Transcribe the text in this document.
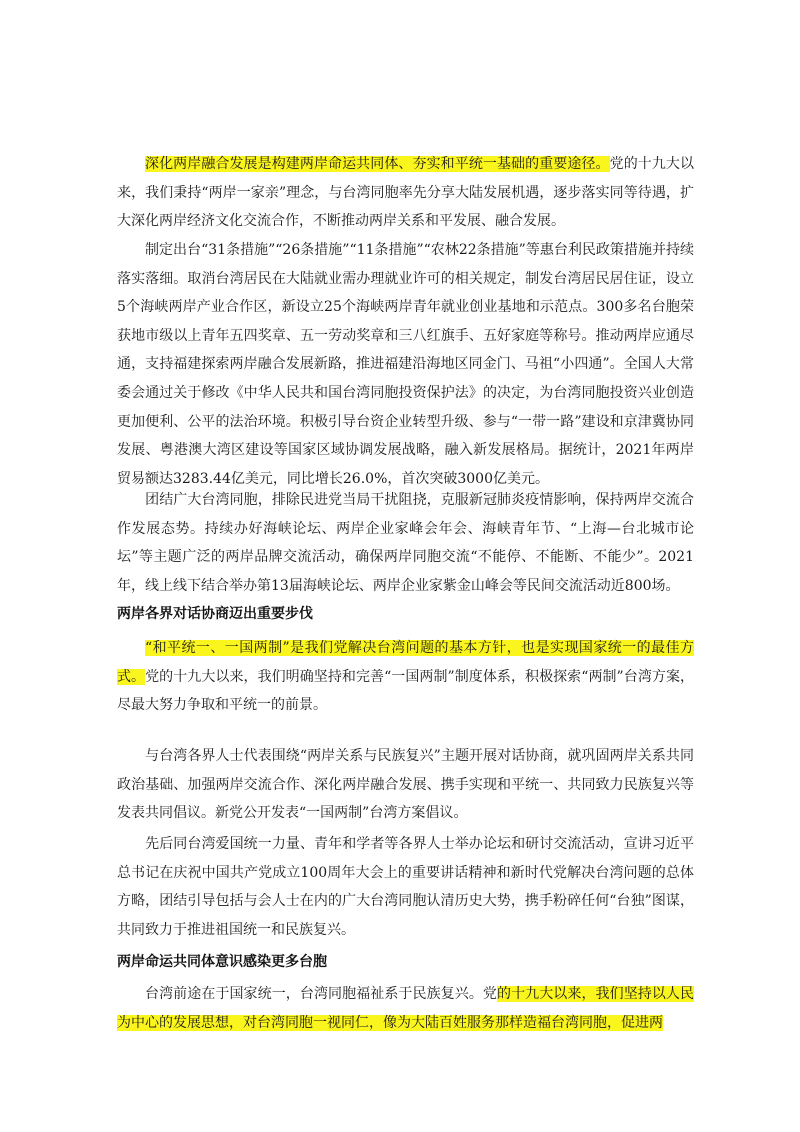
深化两岸融合发展是构建两岸命运共同体、夯实和平统一基础的重要途径。党的十九大以来，我们秉持“两岸一家亲”理念，与台湾同胞率先分享大陆发展机遇，逐步落实同等待遇，扩大深化两岸经济文化交流合作，不断推动两岸关系和平发展、融合发展。

　　制定出台“31条措施”“26条措施”“11条措施”“农林22条措施”等惠台利民政策措施并持续落实落细。取消台湾居民在大陆就业需办理就业许可的相关规定，制发台湾居民居住证，设立5个海峡两岸产业合作区，新设立25个海峡两岸青年就业创业基地和示范点。300多名台胞荣获地市级以上青年五四奖章、五一劳动奖章和三八红旗手、五好家庭等称号。推动两岸应通尽通，支持福建探索两岸融合发展新路，推进福建沿海地区同金门、马祖“小四通”。全国人大常委会通过关于修改《中华人民共和国台湾同胞投资保护法》的决定，为台湾同胞投资兴业创造更加便利、公平的法治环境。积极引导台资企业转型升级、参与“一带一路”建设和京津冀协同发展、粤港澳大湾区建设等国家区域协调发展战略，融入新发展格局。据统计，2021年两岸贸易额达3283.44亿美元，同比增长26.0%，首次突破3000亿美元。

　　团结广大台湾同胞，排除民进党当局干扰阻挠，克服新冠肺炎疫情影响，保持两岸交流合作发展态势。持续办好海峡论坛、两岸企业家峰会年会、海峡青年节、“上海—台北城市论坛”等主题广泛的两岸品牌交流活动，确保两岸同胞交流“不能停、不能断、不能少”。2021年，线上线下结合举办第13届海峡论坛、两岸企业家紫金山峰会等民间交流活动近800场。

两岸各界对话协商迈出重要步伐

“和平统一、一国两制”是我们党解决台湾问题的基本方针，也是实现国家统一的最佳方式。党的十九大以来，我们明确坚持和完善“一国两制”制度体系，积极探索“两制”台湾方案，尽最大努力争取和平统一的前景。

　　与台湾各界人士代表围绕“两岸关系与民族复兴”主题开展对话协商，就巩固两岸关系共同政治基础、加强两岸交流合作、深化两岸融合发展、携手实现和平统一、共同致力民族复兴等发表共同倡议。新党公开发表“一国两制”台湾方案倡议。

　　先后同台湾爱国统一力量、青年和学者等各界人士举办论坛和研讨交流活动，宣讲习近平总书记在庆祝中国共产党成立100周年大会上的重要讲话精神和新时代党解决台湾问题的总体方略，团结引导包括与会人士在内的广大台湾同胞认清历史大势，携手粉碎任何“台独”图谋，共同致力于推进祖国统一和民族复兴。

两岸命运共同体意识感染更多台胞

台湾前途在于国家统一，台湾同胞福祉系于民族复兴。党的十九大以来，我们坚持以人民为中心的发展思想，对台湾同胞一视同仁，像为大陆百姓服务那样造福台湾同胞，促进两
